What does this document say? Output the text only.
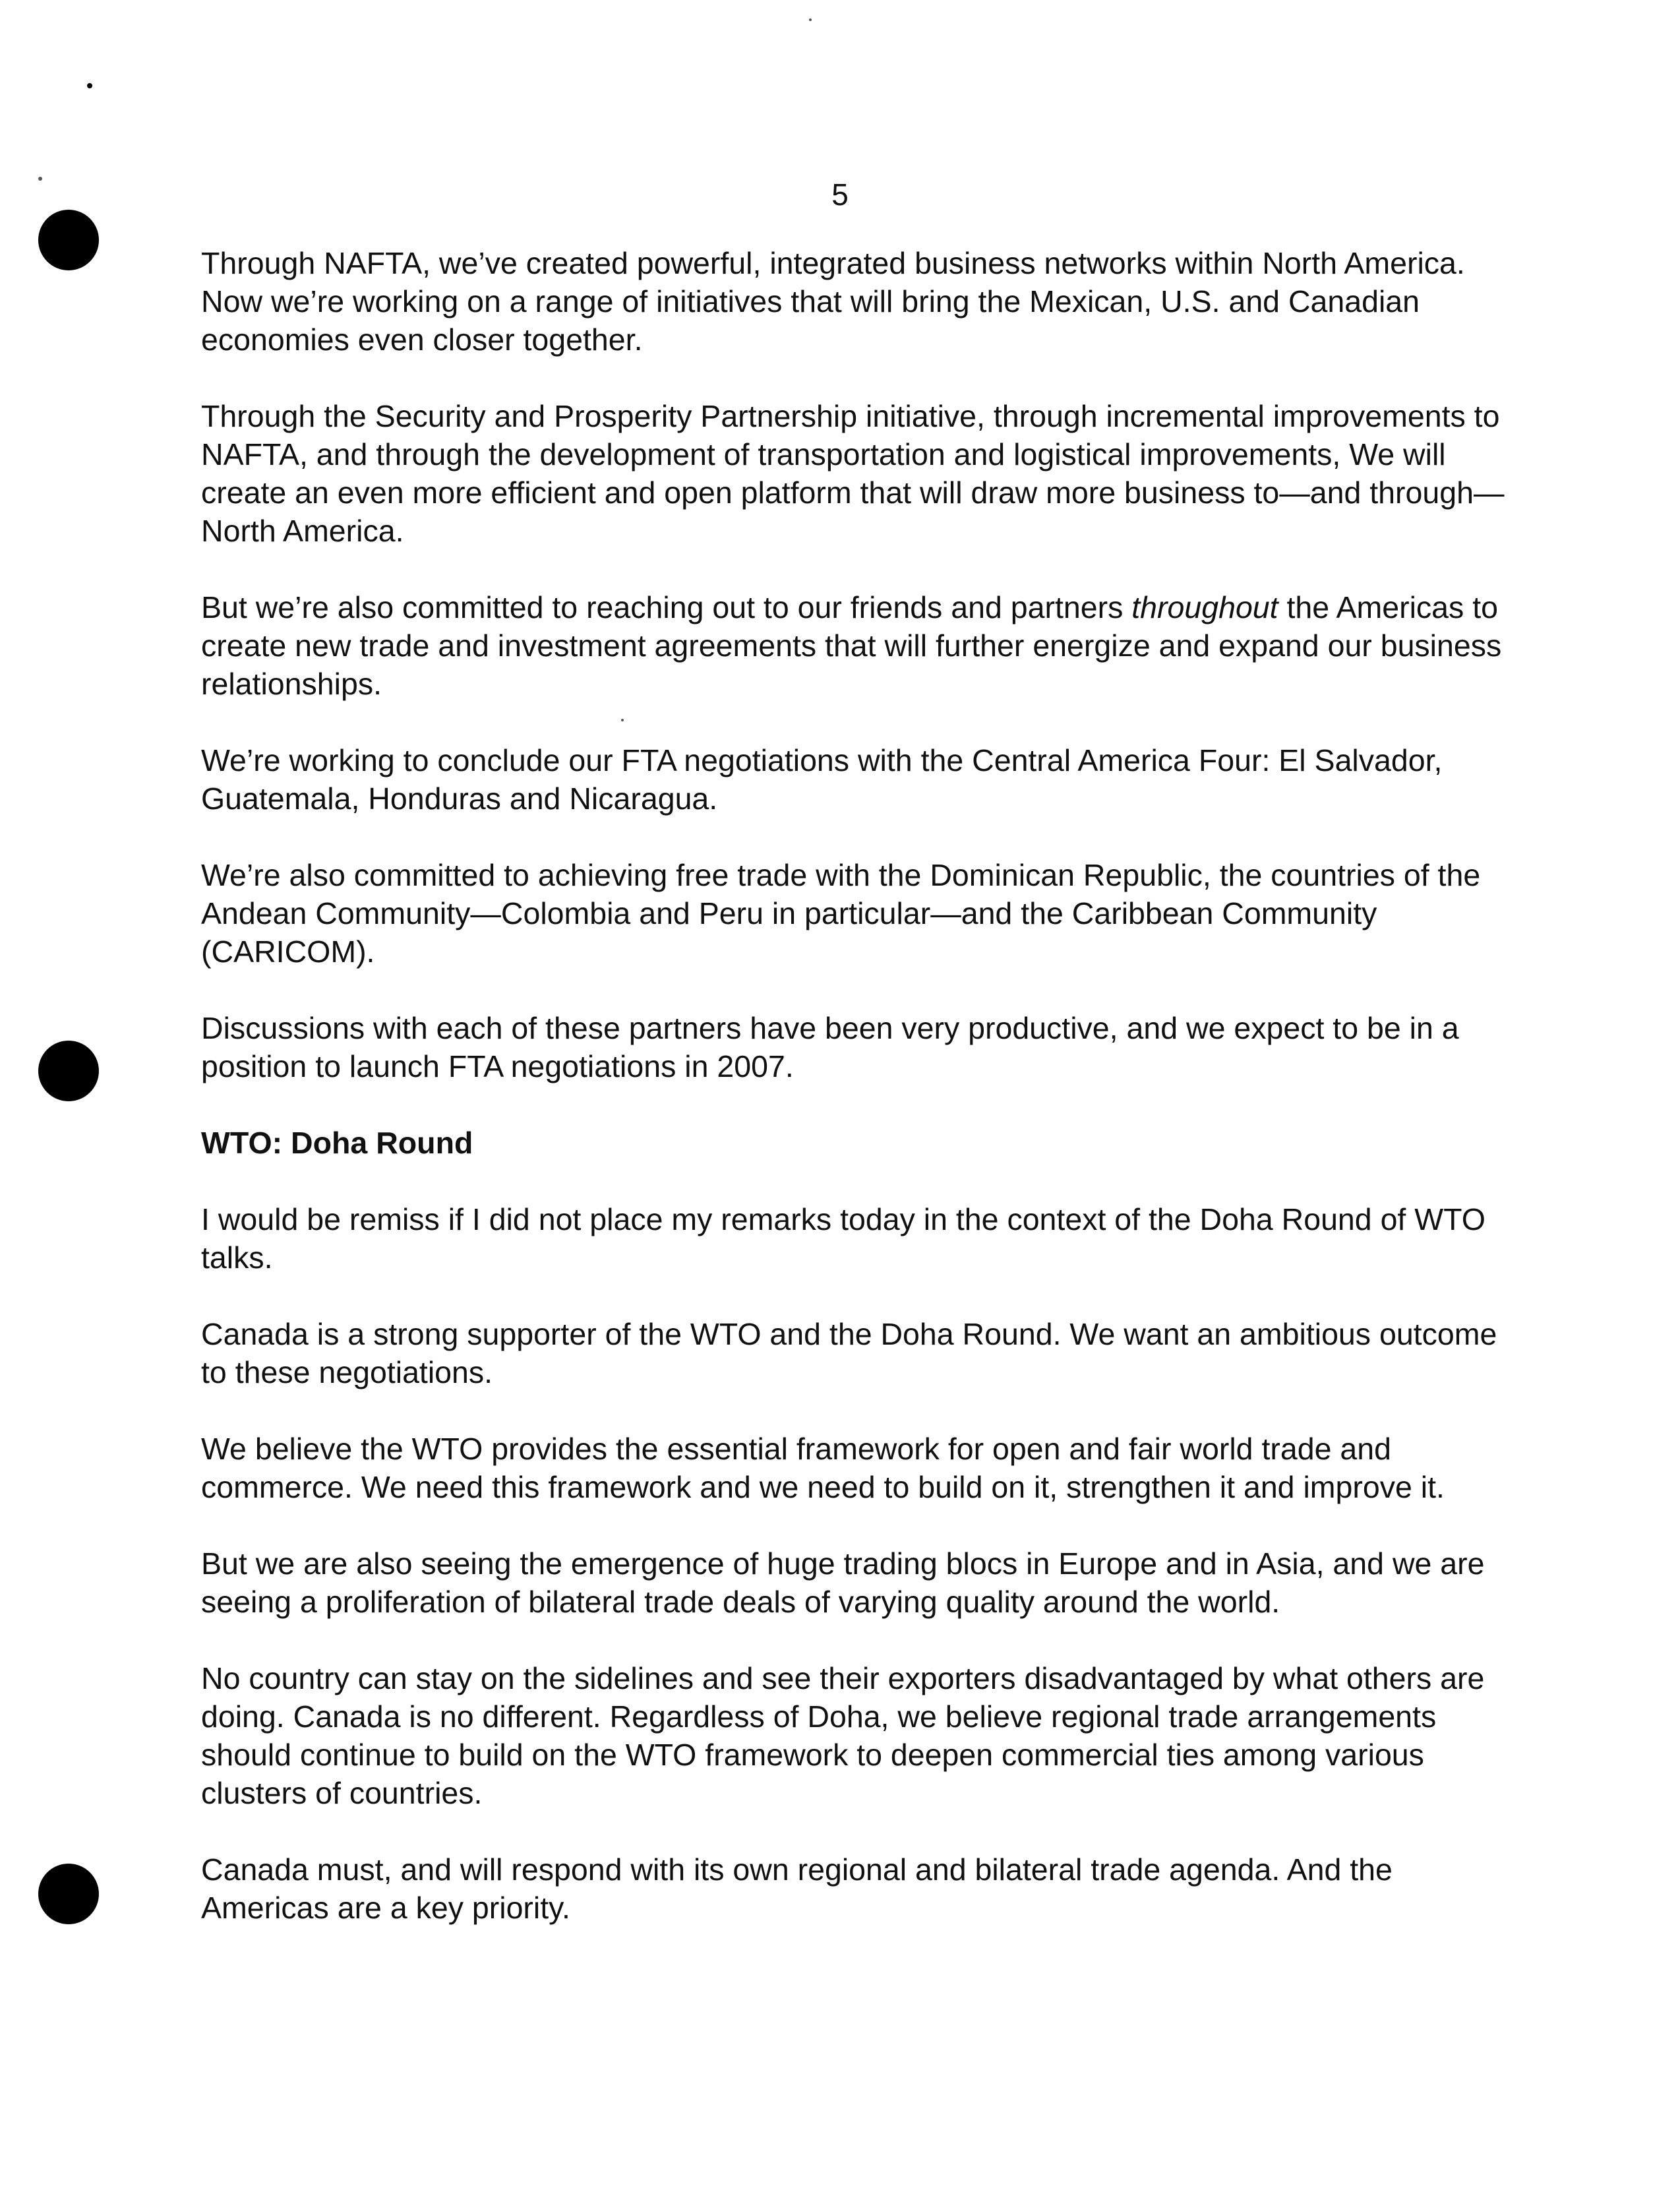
5

Through NAFTA, we’ve created powerful, integrated business networks within North America. Now we’re working on a range of initiatives that will bring the Mexican, U.S. and Canadian economies even closer together.

Through the Security and Prosperity Partnership initiative, through incremental improvements to NAFTA, and through the development of transportation and logistical improvements, We will create an even more efficient and open platform that will draw more business to—and through—North America.

But we’re also committed to reaching out to our friends and partners throughout the Americas to create new trade and investment agreements that will further energize and expand our business relationships.

We’re working to conclude our FTA negotiations with the Central America Four: El Salvador, Guatemala, Honduras and Nicaragua.

We’re also committed to achieving free trade with the Dominican Republic, the countries of the Andean Community—Colombia and Peru in particular—and the Caribbean Community (CARICOM).

Discussions with each of these partners have been very productive, and we expect to be in a position to launch FTA negotiations in 2007.

WTO: Doha Round

I would be remiss if I did not place my remarks today in the context of the Doha Round of WTO talks.

Canada is a strong supporter of the WTO and the Doha Round. We want an ambitious outcome to these negotiations.

We believe the WTO provides the essential framework for open and fair world trade and commerce. We need this framework and we need to build on it, strengthen it and improve it.

But we are also seeing the emergence of huge trading blocs in Europe and in Asia, and we are seeing a proliferation of bilateral trade deals of varying quality around the world.

No country can stay on the sidelines and see their exporters disadvantaged by what others are doing. Canada is no different. Regardless of Doha, we believe regional trade arrangements should continue to build on the WTO framework to deepen commercial ties among various clusters of countries.

Canada must, and will respond with its own regional and bilateral trade agenda. And the Americas are a key priority.
